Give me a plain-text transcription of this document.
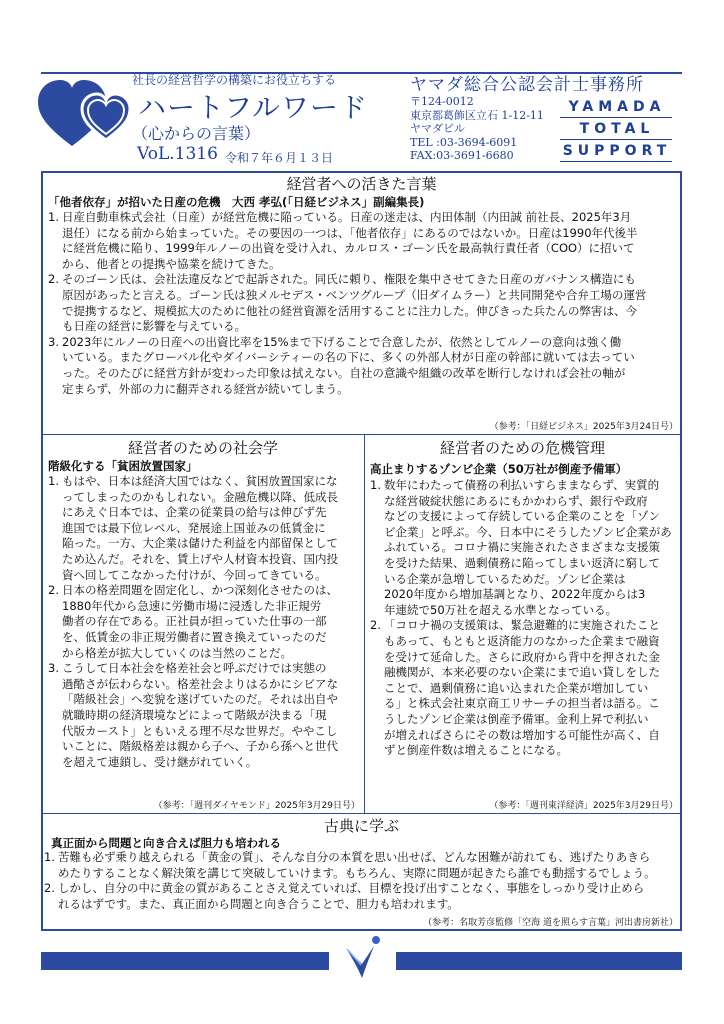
社長の経営哲学の構築にお役立ちする
ハートフルワード
（心からの言葉）
VoL.1316 令和７年６月１３日
ヤマダ総合公認会計士事務所
〒124-0012
東京都葛飾区立石 1-12-11
ヤマダビル
TEL :03-3694-6091
FAX:03-3691-6680
YAMADA
TOTAL
SUPPORT
経営者への活きた言葉
「他者依存」が招いた日産の危機　大西 孝弘(「日経ビジネス」副編集長)
1. 日産自動車株式会社（日産）が経営危機に陥っている。日産の迷走は、内田体制（内田誠 前社長、2025年3月
退任）になる前から始まっていた。その要因の一つは、「他者依存」にあるのではないか。日産は1990年代後半
に経営危機に陥り、1999年ルノーの出資を受け入れ、カルロス・ゴーン氏を最高執行責任者（COO）に招いて
から、他者との提携や協業を続けてきた。
2. そのゴーン氏は、会社法違反などで起訴された。同氏に頼り、権限を集中させてきた日産のガバナンス構造にも
原因があったと言える。ゴーン氏は独メルセデス・ベンツグループ（旧ダイムラー）と共同開発や合弁工場の運営
で提携するなど、規模拡大のために他社の経営資源を活用することに注力した。伸びきった兵たんの弊害は、今
も日産の経営に影響を与えている。
3. 2023年にルノーの日産への出資比率を15%まで下げることで合意したが、依然としてルノーの意向は強く働
いている。またグローバル化やダイバーシティーの名の下に、多くの外部人材が日産の幹部に就いては去ってい
った。そのたびに経営方針が変わった印象は拭えない。自社の意識や組織の改革を断行しなければ会社の軸が
定まらず、外部の力に翻弄される経営が続いてしまう。
（参考：「日経ビジネス」2025年3月24日号）
経営者のための社会学
階級化する「貧困放置国家」
1. もはや、日本は経済大国ではなく、貧困放置国家にな
ってしまったのかもしれない。金融危機以降、低成長
にあえぐ日本では、企業の従業員の給与は伸びず先
進国では最下位レベル、発展途上国並みの低賃金に
陥った。一方、大企業は儲けた利益を内部留保として
ため込んだ。それを、賃上げや人材資本投資、国内投
資へ回してこなかった付けが、今回ってきている。
2. 日本の格差問題を固定化し、かつ深刻化させたのは、
1880年代から急速に労働市場に浸透した非正規労
働者の存在である。正社員が担っていた仕事の一部
を、低賃金の非正規労働者に置き換えていったのだ
から格差が拡大していくのは当然のことだ。
3. こうして日本社会を格差社会と呼ぶだけでは実態の
過酷さが伝わらない。格差社会よりはるかにシビアな
「階級社会」へ変貌を遂げていたのだ。それは出自や
就職時期の経済環境などによって階級が決まる「現
代版カースト」ともいえる理不尽な世界だ。ややこし
いことに、階級格差は親から子へ、子から孫へと世代
を超えて連鎖し、受け継がれていく。
（参考：「週刊ダイヤモンド」2025年3月29日号）
経営者のための危機管理
高止まりするゾンビ企業（50万社が倒産予備軍）
1. 数年にわたって債務の利払いすらままならず、実質的
な経営破綻状態にあるにもかかわらず、銀行や政府
などの支援によって存続している企業のことを「ゾン
ビ企業」と呼ぶ。今、日本中にそうしたゾンビ企業があ
ふれている。コロナ禍に実施されたさまざまな支援策
を受けた結果、過剰債務に陥ってしまい返済に窮して
いる企業が急増しているためだ。ゾンビ企業は
2020年度から増加基調となり、2022年度からは3
年連続で50万社を超える水準となっている。
2. 「コロナ禍の支援策は、緊急避難的に実施されたこと
もあって、もともと返済能力のなかった企業まで融資
を受けて延命した。さらに政府から背中を押された金
融機関が、本来必要のない企業にまで追い貸しをした
ことで、過剰債務に追い込まれた企業が増加してい
る」と株式会社東京商工リサーチの担当者は語る。こ
うしたゾンビ企業は倒産予備軍。金利上昇で利払い
が増えればさらにその数は増加する可能性が高く、自
ずと倒産件数は増えることになる。
（参考：「週刊東洋経済」2025年3月29日号）
古典に学ぶ
真正面から問題と向き合えば胆力も培われる
1. 苦難も必ず乗り越えられる「黄金の質」、そんな自分の本質を思い出せば、どんな困難が訪れても、逃げたりあきら
めたりすることなく解決策を講じて突破していけます。もちろん、実際に問題が起きたら誰でも動揺するでしょう。
2. しかし、自分の中に黄金の質があることさえ覚えていれば、目標を投げ出すことなく、事態をしっかり受け止めら
れるはずです。また、真正面から問題と向き合うことで、胆力も培われます。
（参考：名取芳彦監修「空海 道を照らす言葉」河出書房新社）
